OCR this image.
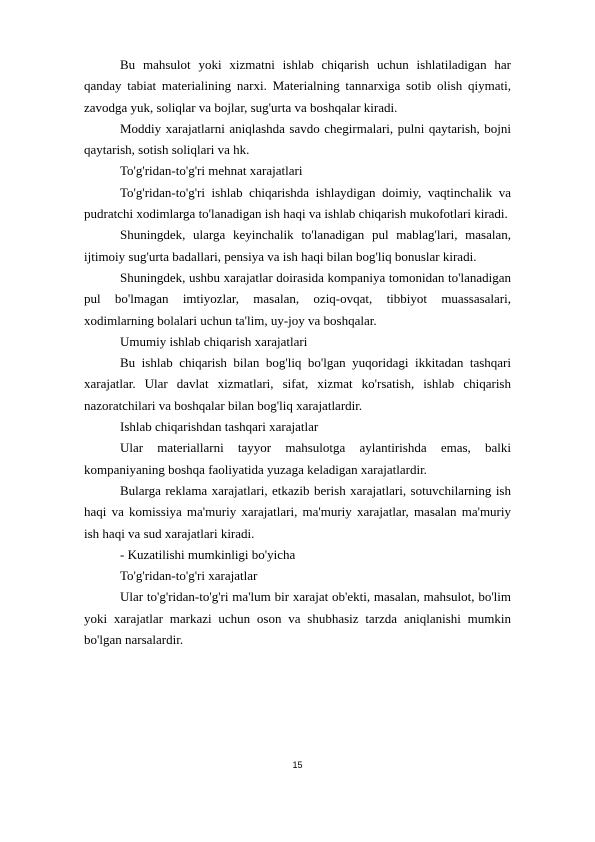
Bu mahsulot yoki xizmatni ishlab chiqarish uchun ishlatiladigan har qanday tabiat materialining narxi. Materialning tannarxiga sotib olish qiymati, zavodga yuk, soliqlar va bojlar, sug'urta va boshqalar kiradi.

Moddiy xarajatlarni aniqlashda savdo chegirmalari, pulni qaytarish, bojni qaytarish, sotish soliqlari va hk.

To'g'ridan-to'g'ri mehnat xarajatlari

To'g'ridan-to'g'ri ishlab chiqarishda ishlaydigan doimiy, vaqtinchalik va pudratchi xodimlarga to'lanadigan ish haqi va ishlab chiqarish mukofotlari kiradi.

Shuningdek, ularga keyinchalik to'lanadigan pul mablag'lari, masalan, ijtimoiy sug'urta badallari, pensiya va ish haqi bilan bog'liq bonuslar kiradi.

Shuningdek, ushbu xarajatlar doirasida kompaniya tomonidan to'lanadigan pul bo'lmagan imtiyozlar, masalan, oziq-ovqat, tibbiyot muassasalari, xodimlarning bolalari uchun ta'lim, uy-joy va boshqalar.

Umumiy ishlab chiqarish xarajatlari

Bu ishlab chiqarish bilan bog'liq bo'lgan yuqoridagi ikkitadan tashqari xarajatlar. Ular davlat xizmatlari, sifat, xizmat ko'rsatish, ishlab chiqarish nazoratchilari va boshqalar bilan bog'liq xarajatlardir.

Ishlab chiqarishdan tashqari xarajatlar

Ular materiallarni tayyor mahsulotga aylantirishda emas, balki kompaniyaning boshqa faoliyatida yuzaga keladigan xarajatlardir.

Bularga reklama xarajatlari, etkazib berish xarajatlari, sotuvchilarning ish haqi va komissiya ma'muriy xarajatlari, ma'muriy xarajatlar, masalan ma'muriy ish haqi va sud xarajatlari kiradi.

- Kuzatilishi mumkinligi bo'yicha

To'g'ridan-to'g'ri xarajatlar

Ular to'g'ridan-to'g'ri ma'lum bir xarajat ob'ekti, masalan, mahsulot, bo'lim yoki xarajatlar markazi uchun oson va shubhasiz tarzda aniqlanishi mumkin bo'lgan narsalardir.

15
